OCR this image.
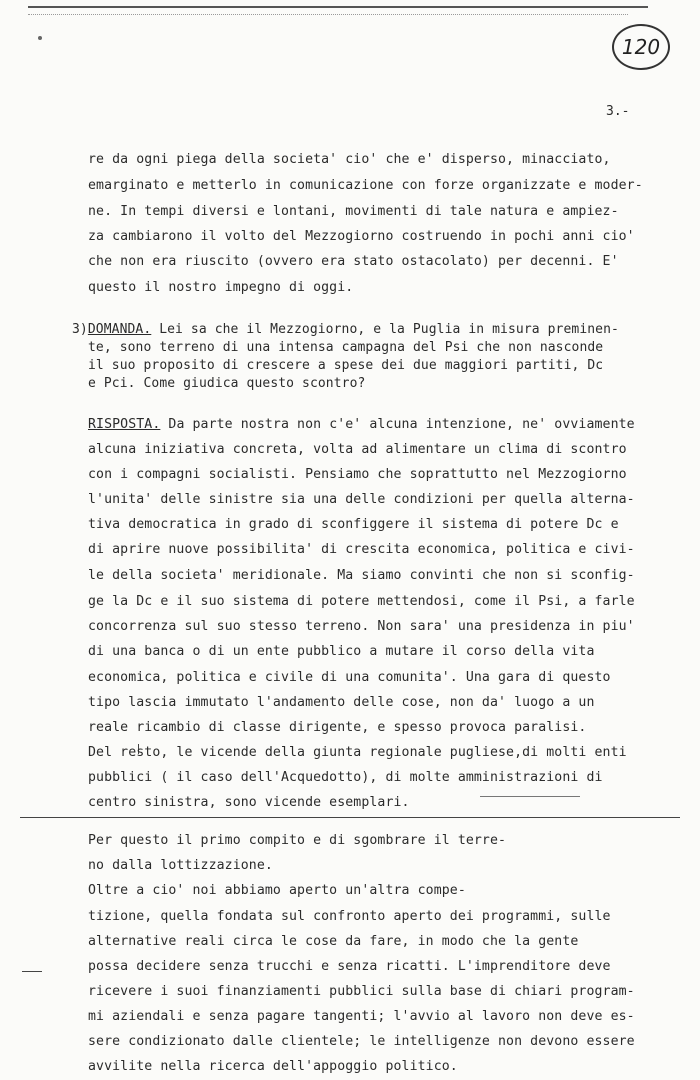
120
3.-
re da ogni piega della societa' cio' che e' disperso, minacciato,
emarginato e metterlo in comunicazione con forze organizzate e moder-
ne. In tempi diversi e lontani, movimenti di tale natura e ampiez-
za cambiarono il volto del Mezzogiorno costruendo in pochi anni cio'
che non era riuscito (ovvero era stato ostacolato) per decenni. E'
questo il nostro impegno di oggi.
3)DOMANDA. Lei sa che il Mezzogiorno, e la Puglia in misura preminen-
te, sono terreno di una intensa campagna del Psi che non nasconde
il suo proposito di crescere a spese dei due maggiori partiti, Dc
e Pci. Come giudica questo scontro?
RISPOSTA. Da parte nostra non c'e' alcuna intenzione, ne' ovviamente
alcuna iniziativa concreta, volta ad alimentare un clima di scontro
con i compagni socialisti. Pensiamo che soprattutto nel Mezzogiorno
l'unita' delle sinistre sia una delle condizioni per quella alterna-
tiva democratica in grado di sconfiggere il sistema di potere Dc e
di aprire nuove possibilita' di crescita economica, politica e civi-
le della societa' meridionale. Ma siamo convinti che non si sconfig-
ge la Dc e il suo sistema di potere mettendosi, come il Psi, a farle
concorrenza sul suo stesso terreno. Non sara' una presidenza in piu'
di una banca o di un ente pubblico a mutare il corso della vita
economica, politica e civile di una comunita'. Una gara di questo
tipo lascia immutato l'andamento delle cose, non da' luogo a un
reale ricambio di classe dirigente, e spesso provoca paralisi.
Del resto, le vicende della giunta regionale pugliese,di molti enti
pubblici ( il caso dell'Acquedotto), di molte amministrazioni di
centro sinistra, sono vicende esemplari.
Per questo il primo compito e di sgombrare il terre-
no dalla lottizzazione.
Oltre a cio' noi abbiamo aperto un'altra compe-
tizione, quella fondata sul confronto aperto dei programmi, sulle
alternative reali circa le cose da fare, in modo che la gente
possa decidere senza trucchi e senza ricatti. L'imprenditore deve
ricevere i suoi finanziamenti pubblici sulla base di chiari program-
mi aziendali e senza pagare tangenti; l'avvio al lavoro non deve es-
sere condizionato dalle clientele; le intelligenze non devono essere
avvilite nella ricerca dell'appoggio politico.
